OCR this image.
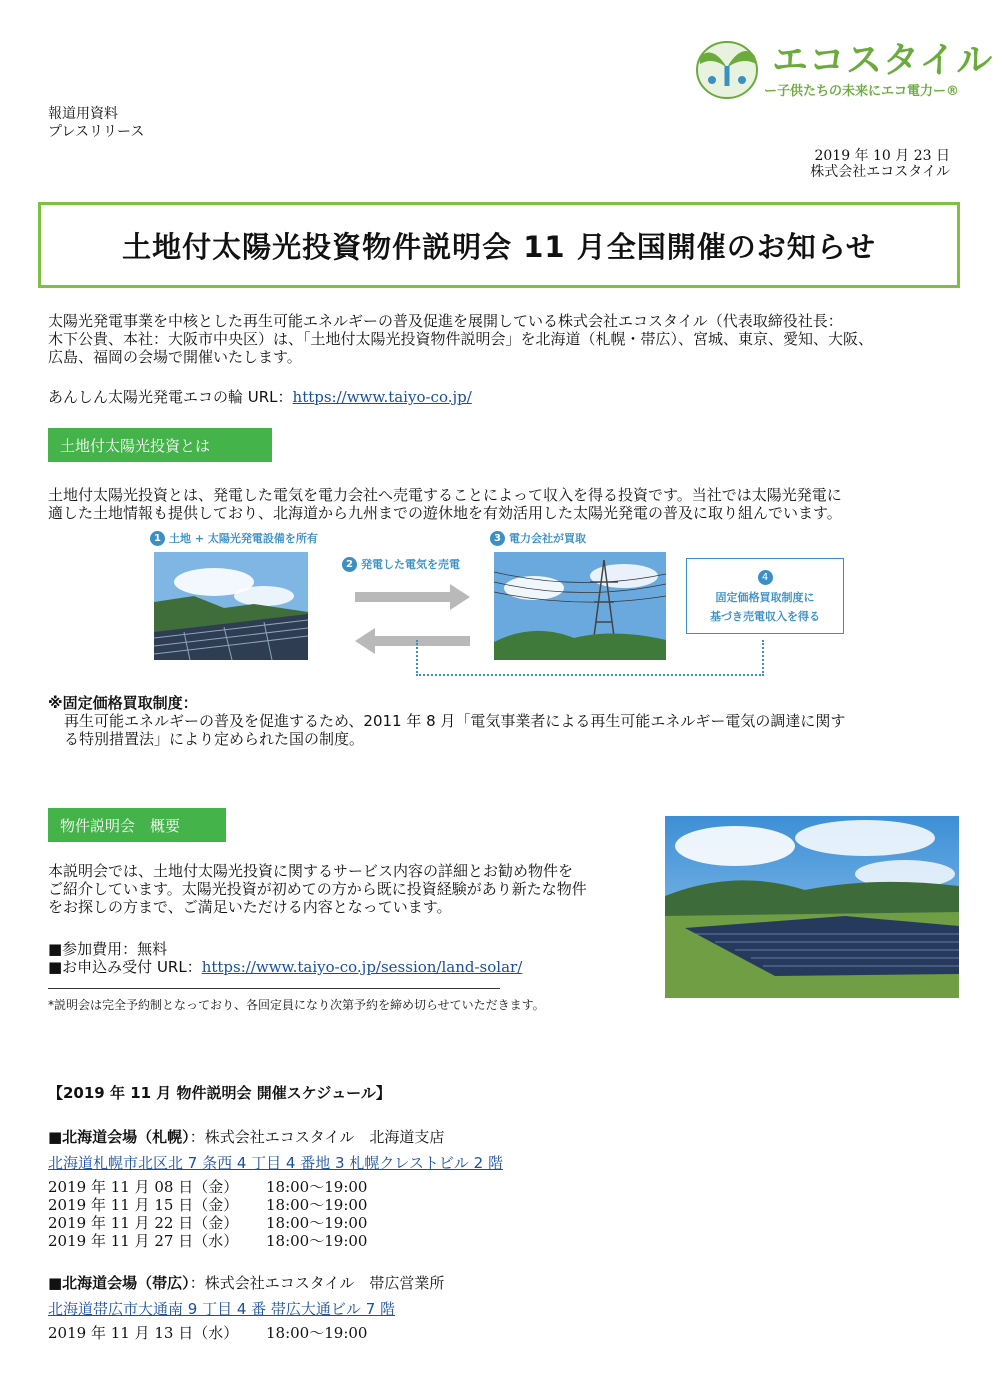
エコスタイル
ー子供たちの未来にエコ電力ー®
報道用資料
プレスリリース
2019 年 10 月 23 日
株式会社エコスタイル
土地付太陽光投資物件説明会 11 月全国開催のお知らせ
太陽光発電事業を中核とした再生可能エネルギーの普及促進を展開している株式会社エコスタイル（代表取締役社長：
木下公貴、本社：大阪市中央区）は、「土地付太陽光投資物件説明会」を北海道（札幌・帯広）、宮城、東京、愛知、大阪、
広島、福岡の会場で開催いたします。
あんしん太陽光発電エコの輪 URL：https://www.taiyo-co.jp/
土地付太陽光投資とは
土地付太陽光投資とは、発電した電気を電力会社へ売電することによって収入を得る投資です。当社では太陽光発電に
適した土地情報も提供しており、北海道から九州までの遊休地を有効活用した太陽光発電の普及に取り組んでいます。
1 土地 + 太陽光発電設備を所有
2 発電した電気を売電
3 電力会社が買取
4
固定価格買取制度に
基づき売電収入を得る
※固定価格買取制度：
再生可能エネルギーの普及を促進するため、2011 年 8 月「電気事業者による再生可能エネルギー電気の調達に関す
る特別措置法」により定められた国の制度。
物件説明会　概要
本説明会では、土地付太陽光投資に関するサービス内容の詳細とお勧め物件を
ご紹介しています。太陽光投資が初めての方から既に投資経験があり新たな物件
をお探しの方まで、ご満足いただける内容となっています。
■参加費用：無料
■お申込み受付 URL：https://www.taiyo-co.jp/session/land-solar/
*説明会は完全予約制となっており、各回定員になり次第予約を締め切らせていただきます。
【2019 年 11 月 物件説明会 開催スケジュール】
■北海道会場（札幌）：株式会社エコスタイル　北海道支店
北海道札幌市北区北 7 条西 4 丁目 4 番地 3 札幌クレストビル 2 階
2019 年 11 月 08 日（金） 18:00〜19:00
2019 年 11 月 15 日（金） 18:00〜19:00
2019 年 11 月 22 日（金） 18:00〜19:00
2019 年 11 月 27 日（水） 18:00〜19:00
■北海道会場（帯広）：株式会社エコスタイル　帯広営業所
北海道帯広市大通南 9 丁目 4 番 帯広大通ビル 7 階
2019 年 11 月 13 日（水） 18:00〜19:00
